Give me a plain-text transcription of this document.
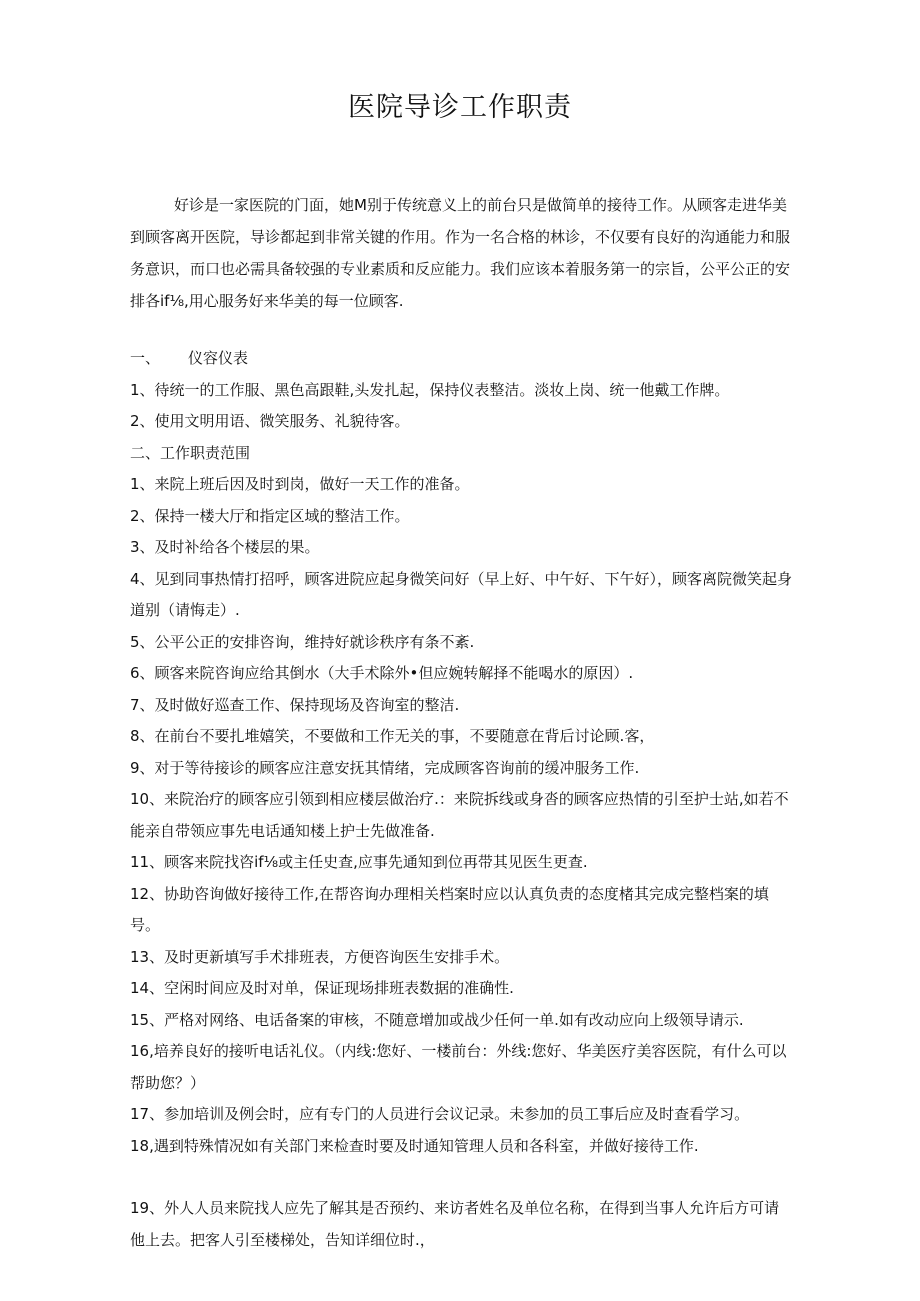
医院导诊工作职责

好诊是一家医院的门面，她M别于传统意义上的前台只是做简单的接待工作。从顾客走进华美到顾客离开医院，导诊都起到非常关键的作用。作为一名合格的林诊，不仅要有良好的沟通能力和服务意识，而口也必需具备较强的专业素质和反应能力。我们应该本着服务第一的宗旨，公平公正的安排各if⅛,用心服务好来华美的每一位顾客.

一、 仪容仪表

1、待统一的工作服、黑色高跟鞋,头发扎起，保持仪表整洁。淡妆上岗、统一他戴工作牌。

2、使用文明用语、微笑服务、礼貌待客。

二、工作职责范围

1、来院上班后因及时到岗，做好一天工作的准备。

2、保持一楼大厅和指定区域的整洁工作。

3、及时补给各个楼层的果。

4、见到同事热情打招呼，顾客进院应起身微笑问好（早上好、中午好、下午好），顾客离院微笑起身道别（请悔走）.

5、公平公正的安排咨询，维持好就诊秩序有条不紊.

6、顾客来院咨询应给其倒水（大手术除外•但应婉转解择不能喝水的原因）.

7、及时做好巡查工作、保持现场及咨询室的整洁.

8、在前台不要扎堆嬉笑，不要做和工作无关的事，不要随意在背后讨论顾.客，

9、对于等待接诊的顾客应注意安抚其情绪，完成顾客咨询前的缓冲服务工作.

10、来院治疗的顾客应引领到相应楼层做治疗.：来院拆线或身沓的顾客应热情的引至护士站,如若不能亲自带领应事先电话通知楼上护士先做准备.

11、顾客来院找咨if⅛或主任史查,应事先通知到位再带其见医生更查.

12、协助咨询做好接待工作,在帮咨询办理相关档案时应以认真负责的态度楮其完成完整档案的填号。

13、及时更新填写手术排班表，方便咨询医生安排手术。

14、空闲时间应及时对单，保证现场排班表数据的准确性.

15、严格对网络、电话备案的审核，不随意增加或战少任何一单.如有改动应向上级领导请示.

16,培养良好的接听电话礼仪。（内线:您好、一楼前台：外线:您好、华美医疗美容医院，有什么可以帮助您？）

17、参加培训及例会时，应有专门的人员进行会议记录。未参加的员工事后应及时查看学习。

18,遇到特殊情况如有关部门来检查时要及时通知管理人员和各科室，并做好接待工作.

19、外人人员来院找人应先了解其是否预约、来访者姓名及单位名称，在得到当事人允许后方可请他上去。把客人引至楼梯处，告知详细位时.，
